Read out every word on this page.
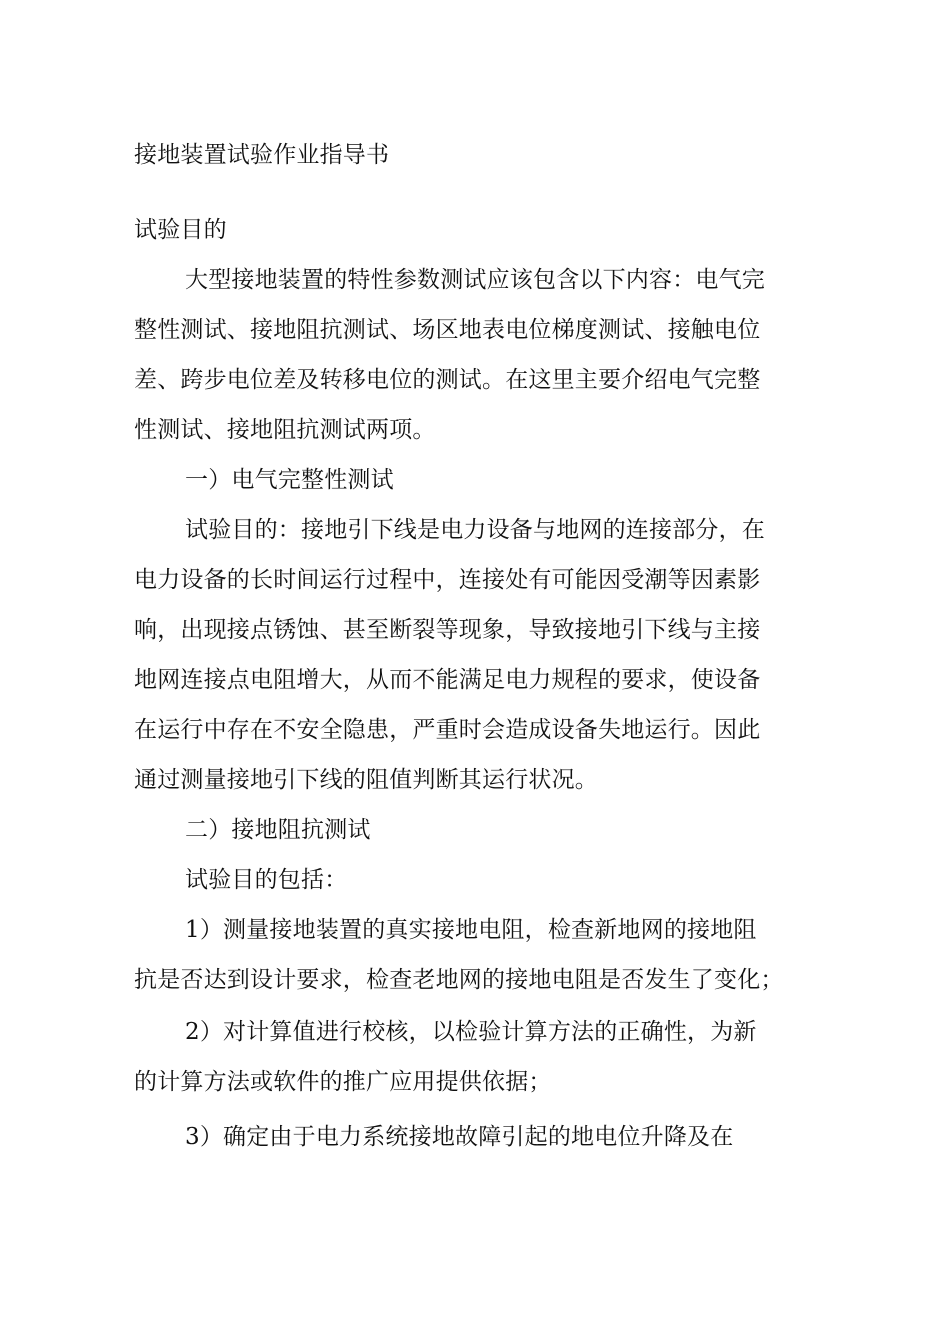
接地装置试验作业指导书
试验目的
大型接地装置的特性参数测试应该包含以下内容：电气完
整性测试、接地阻抗测试、场区地表电位梯度测试、接触电位
差、跨步电位差及转移电位的测试。在这里主要介绍电气完整
性测试、接地阻抗测试两项。
一）电气完整性测试
试验目的：接地引下线是电力设备与地网的连接部分，在
电力设备的长时间运行过程中，连接处有可能因受潮等因素影
响，出现接点锈蚀、甚至断裂等现象，导致接地引下线与主接
地网连接点电阻增大，从而不能满足电力规程的要求，使设备
在运行中存在不安全隐患，严重时会造成设备失地运行。因此
通过测量接地引下线的阻值判断其运行状况。
二）接地阻抗测试
试验目的包括：
1）测量接地装置的真实接地电阻，检查新地网的接地阻
抗是否达到设计要求，检查老地网的接地电阻是否发生了变化；
2）对计算值进行校核，以检验计算方法的正确性，为新
的计算方法或软件的推广应用提供依据；
3）确定由于电力系统接地故障引起的地电位升降及在
